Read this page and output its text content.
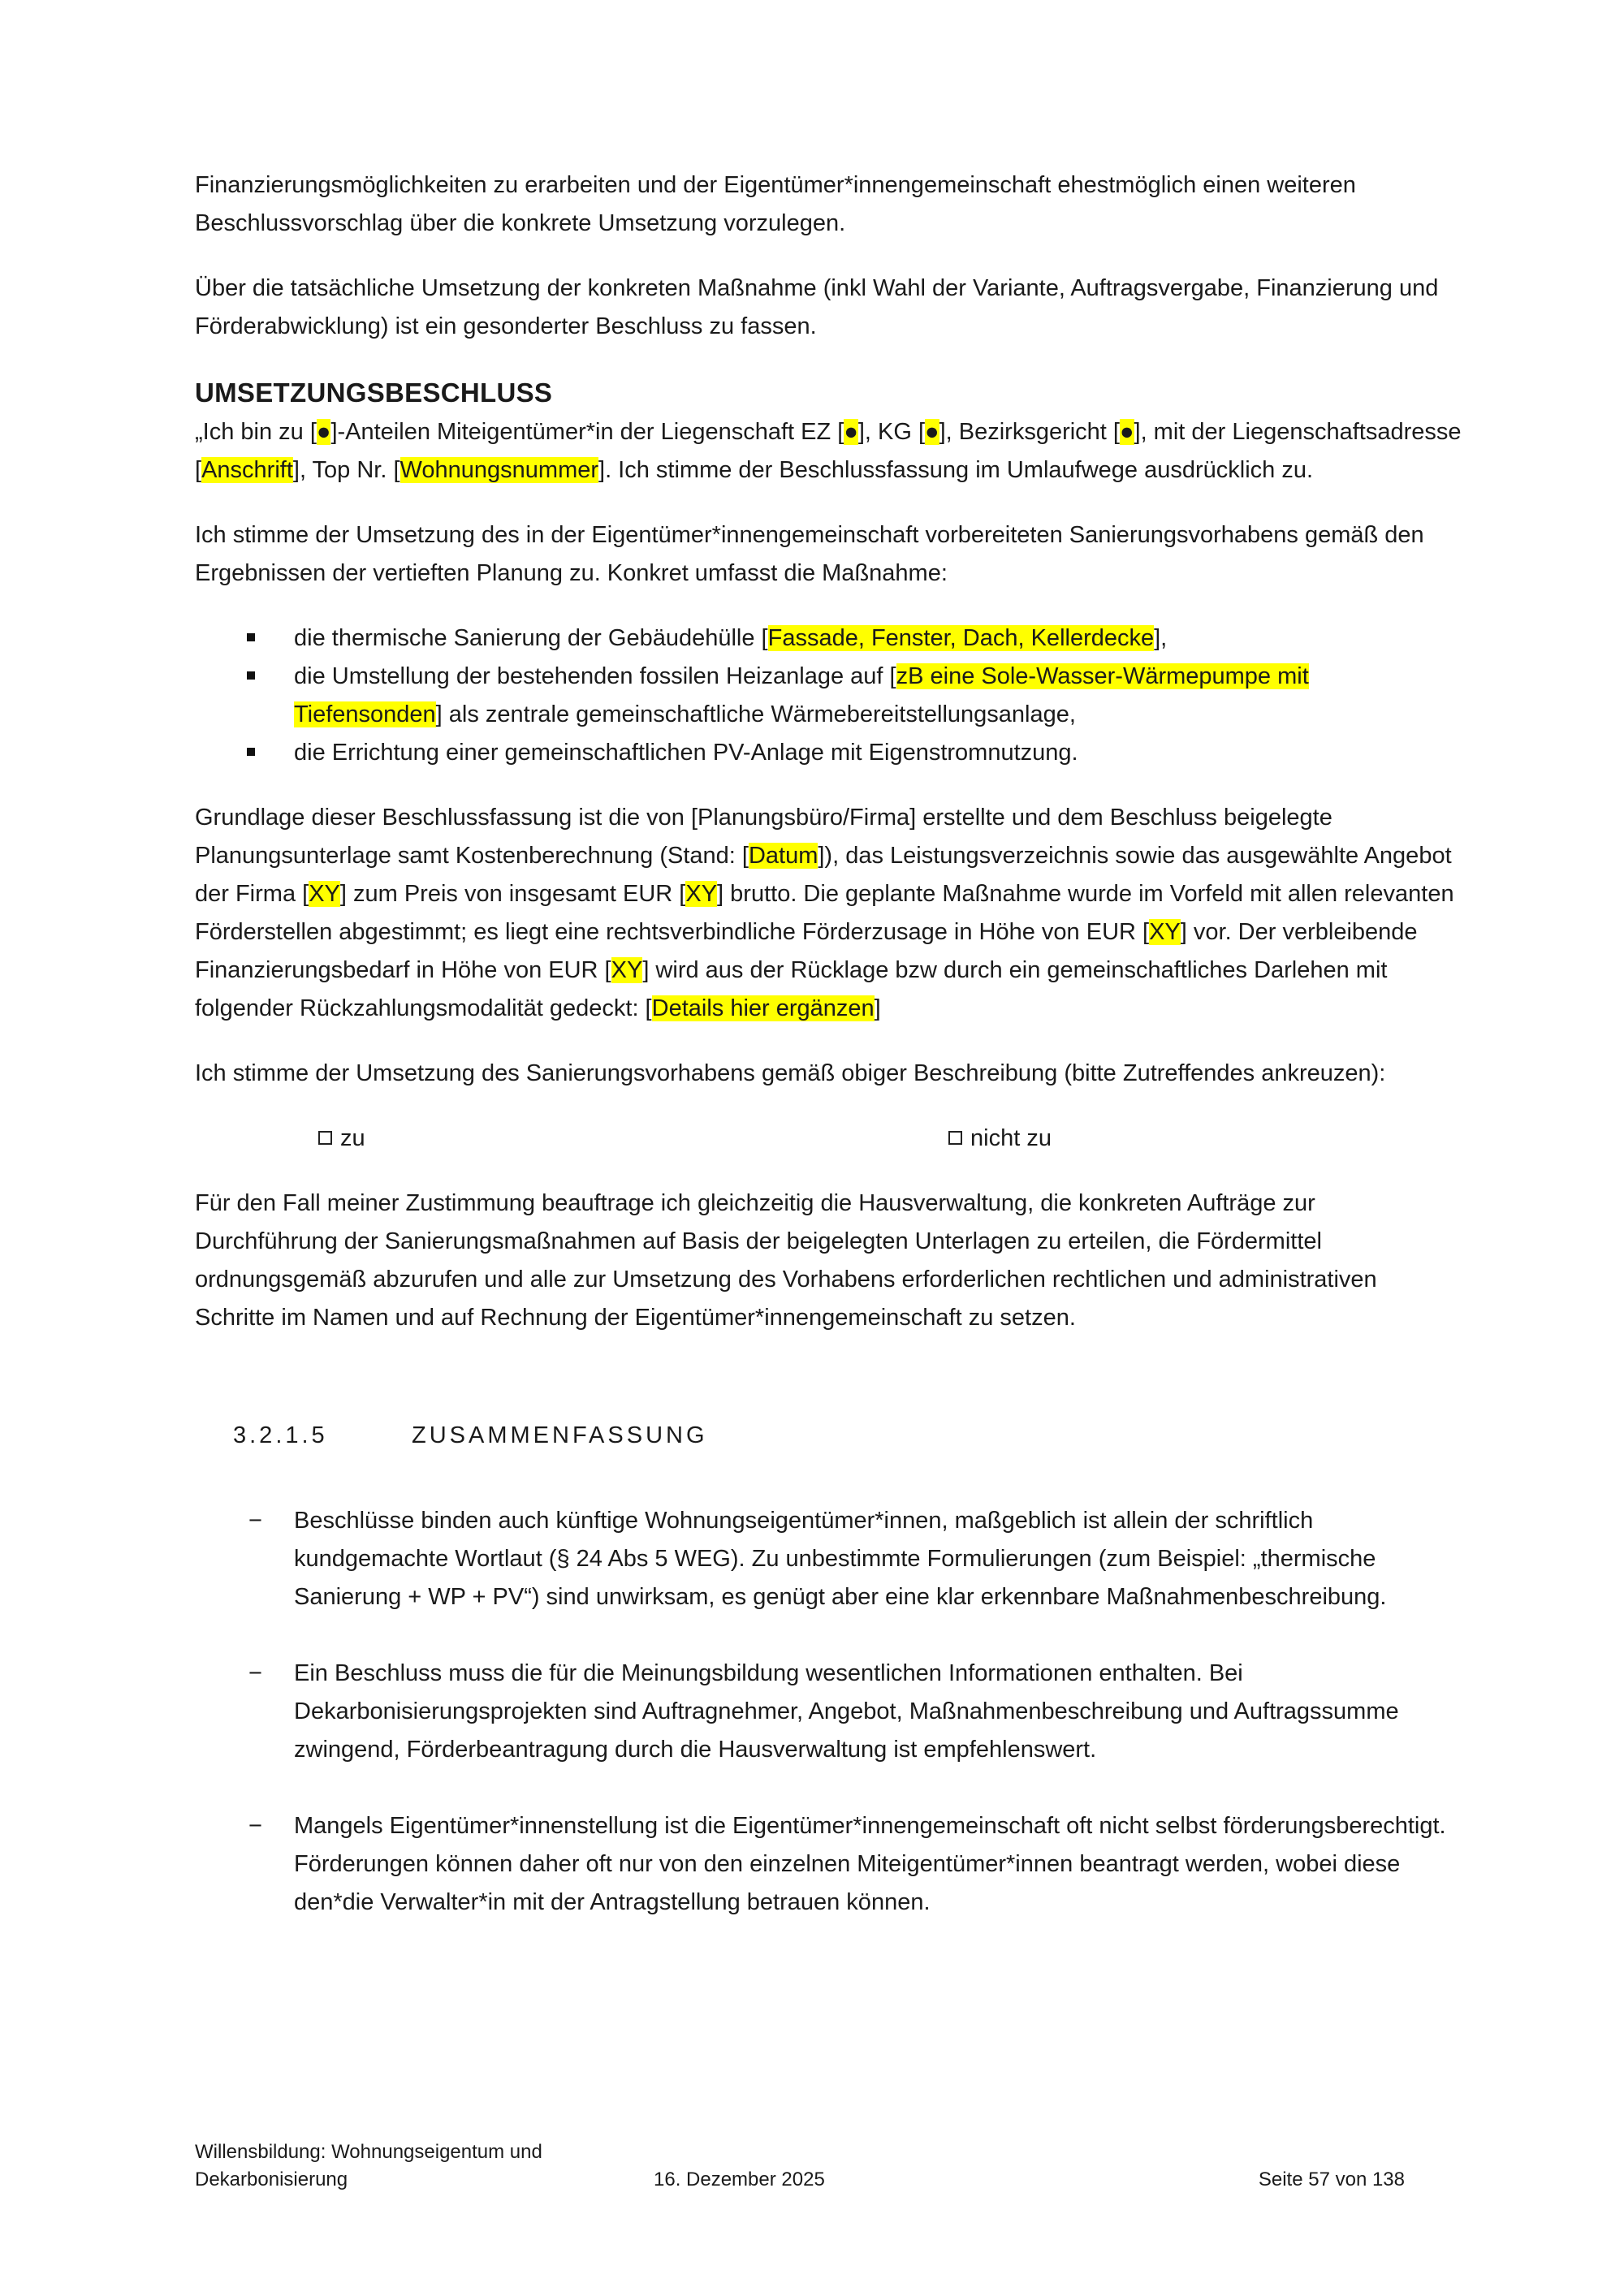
Finanzierungsmöglichkeiten zu erarbeiten und der Eigentümer*innengemeinschaft ehestmöglich einen weiteren Beschlussvorschlag über die konkrete Umsetzung vorzulegen.

Über die tatsächliche Umsetzung der konkreten Maßnahme (inkl Wahl der Variante, Auftragsvergabe, Finanzierung und Förderabwicklung) ist ein gesonderter Beschluss zu fassen.

UMSETZUNGSBESCHLUSS

„Ich bin zu [●]-Anteilen Miteigentümer*in der Liegenschaft EZ [●], KG [●], Bezirksgericht [●], mit der Liegenschaftsadresse [Anschrift], Top Nr. [Wohnungsnummer]. Ich stimme der Beschlussfassung im Umlaufwege ausdrücklich zu.

Ich stimme der Umsetzung des in der Eigentümer*innengemeinschaft vorbereiteten Sanierungsvorhabens gemäß den Ergebnissen der vertieften Planung zu. Konkret umfasst die Maßnahme:

die thermische Sanierung der Gebäudehülle [Fassade, Fenster, Dach, Kellerdecke],
die Umstellung der bestehenden fossilen Heizanlage auf [zB eine Sole-Wasser-Wärmepumpe mit Tiefensonden] als zentrale gemeinschaftliche Wärmebereitstellungsanlage,
die Errichtung einer gemeinschaftlichen PV-Anlage mit Eigenstromnutzung.

Grundlage dieser Beschlussfassung ist die von [Planungsbüro/Firma] erstellte und dem Beschluss beigelegte Planungsunterlage samt Kostenberechnung (Stand: [Datum]), das Leistungsverzeichnis sowie das ausgewählte Angebot der Firma [XY] zum Preis von insgesamt EUR [XY] brutto. Die geplante Maßnahme wurde im Vorfeld mit allen relevanten Förderstellen abgestimmt; es liegt eine rechtsverbindliche Förderzusage in Höhe von EUR [XY] vor. Der verbleibende Finanzierungsbedarf in Höhe von EUR [XY] wird aus der Rücklage bzw durch ein gemeinschaftliches Darlehen mit folgender Rückzahlungsmodalität gedeckt: [Details hier ergänzen]

Ich stimme der Umsetzung des Sanierungsvorhabens gemäß obiger Beschreibung (bitte Zutreffendes ankreuzen):

zu	nicht zu

Für den Fall meiner Zustimmung beauftrage ich gleichzeitig die Hausverwaltung, die konkreten Aufträge zur Durchführung der Sanierungsmaßnahmen auf Basis der beigelegten Unterlagen zu erteilen, die Fördermittel ordnungsgemäß abzurufen und alle zur Umsetzung des Vorhabens erforderlichen rechtlichen und administrativen Schritte im Namen und auf Rechnung der Eigentümer*innengemeinschaft zu setzen.

3.2.1.5	ZUSAMMENFASSUNG
− Beschlüsse binden auch künftige Wohnungseigentümer*innen, maßgeblich ist allein der schriftlich kundgemachte Wortlaut (§ 24 Abs 5 WEG). Zu unbestimmte Formulierungen (zum Beispiel: „thermische Sanierung + WP + PV“) sind unwirksam, es genügt aber eine klar erkennbare Maßnahmenbeschreibung.
− Ein Beschluss muss die für die Meinungsbildung wesentlichen Informationen enthalten. Bei Dekarbonisierungsprojekten sind Auftragnehmer, Angebot, Maßnahmenbeschreibung und Auftragssumme zwingend, Förderbeantragung durch die Hausverwaltung ist empfehlenswert.
− Mangels Eigentümer*innenstellung ist die Eigentümer*innengemeinschaft oft nicht selbst förderungsberechtigt. Förderungen können daher oft nur von den einzelnen Miteigentümer*innen beantragt werden, wobei diese den*die Verwalter*in mit der Antragstellung betrauen können.
Willensbildung: Wohnungseigentum und Dekarbonisierung	16. Dezember 2025	Seite 57 von 138
